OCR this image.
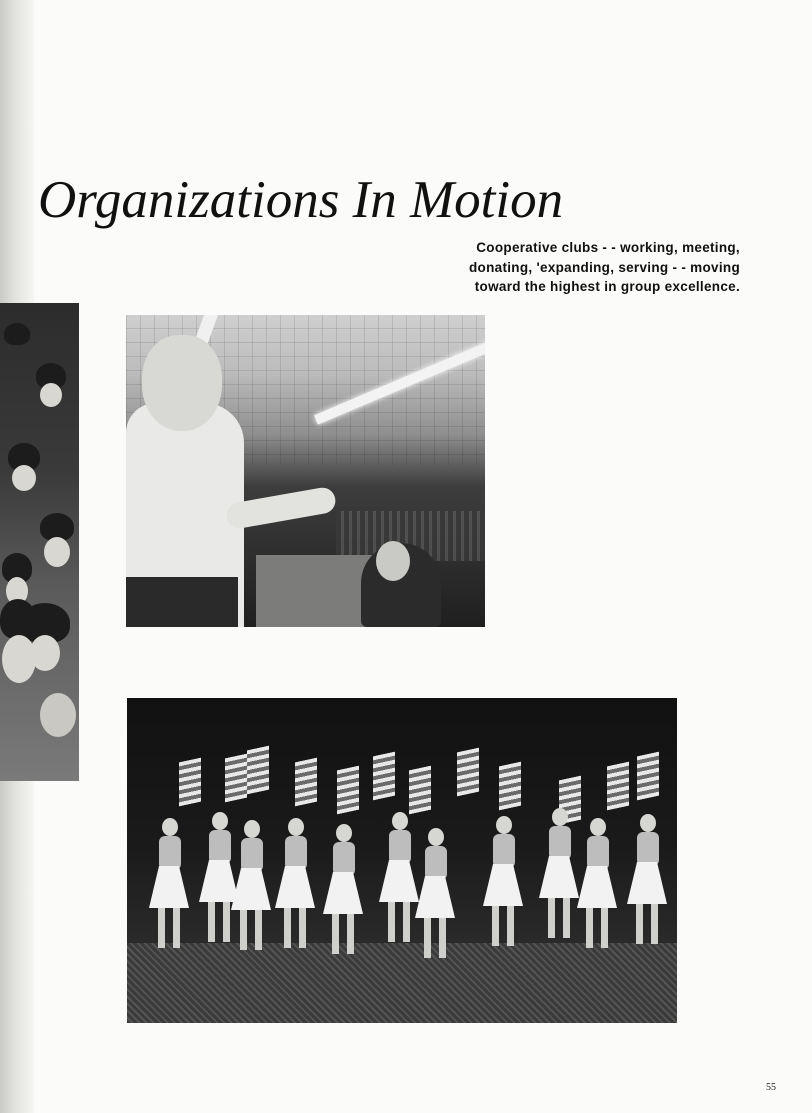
Organizations In Motion
Cooperative clubs - - working, meeting,
donating, 'expanding, serving - - moving
toward the highest in group excellence.
55
